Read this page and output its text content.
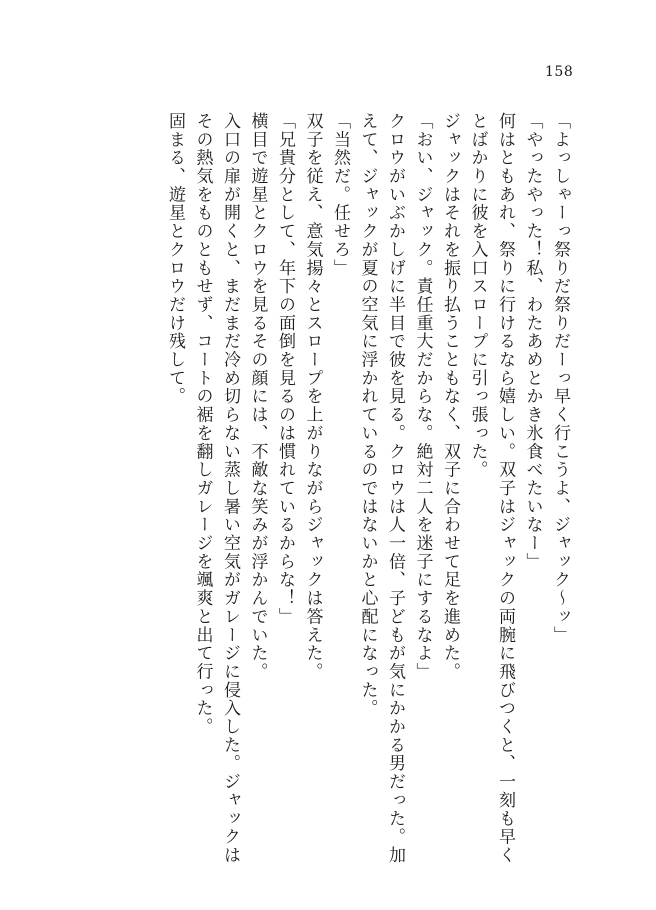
158
「よっしゃーっ祭りだ祭りだーっ早く行こうよ、ジャック〜ッ」
「やったやった！私、わたあめとかき氷食べたいなー」
何はともあれ、祭りに行けるなら嬉しい。双子はジャックの両腕に飛びつくと、一刻も早く
とばかりに彼を入口スロープに引っ張った。
ジャックはそれを振り払うこともなく、双子に合わせて足を進めた。
「おい、ジャック。責任重大だからな。絶対二人を迷子にするなよ」
クロウがいぶかしげに半目で彼を見る。クロウは人一倍、子どもが気にかかる男だった。加
えて、ジャックが夏の空気に浮かれているのではないかと心配になった。
「当然だ。任せろ」
双子を従え、意気揚々とスロープを上がりながらジャックは答えた。
「兄貴分として、年下の面倒を見るのは慣れているからな！」
横目で遊星とクロウを見るその顔には、不敵な笑みが浮かんでいた。
入口の扉が開くと、まだまだ冷め切らない蒸し暑い空気がガレージに侵入した。ジャックは
その熱気をものともせず、コートの裾を翻しガレージを颯爽と出て行った。
固まる、遊星とクロウだけ残して。
